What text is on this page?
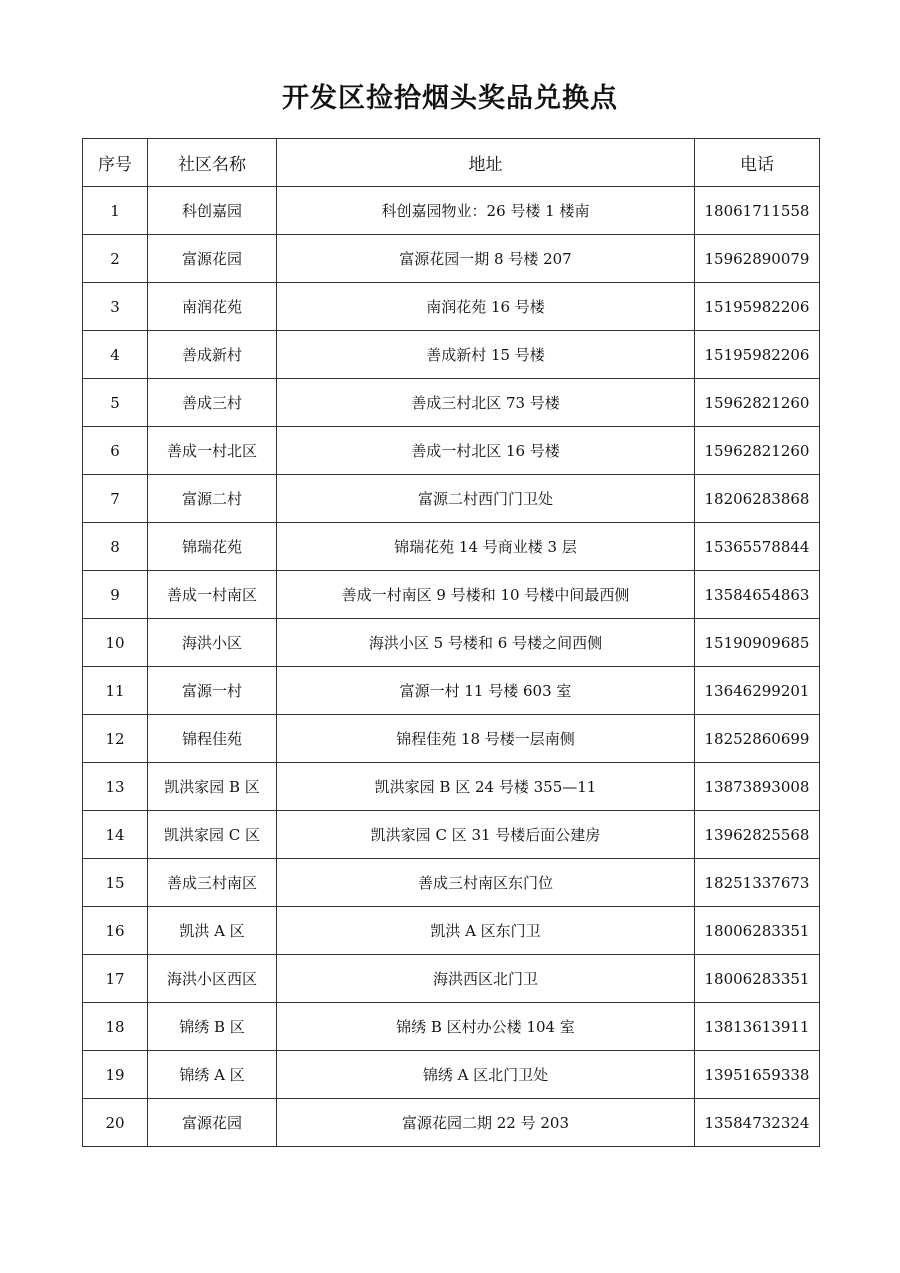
开发区捡拾烟头奖品兑换点
序号	社区名称	地址	电话
1	科创嘉园	科创嘉园物业：26 号楼 1 楼南	18061711558
2	富源花园	富源花园一期 8 号楼 207	15962890079
3	南润花苑	南润花苑 16 号楼	15195982206
4	善成新村	善成新村 15 号楼	15195982206
5	善成三村	善成三村北区 73 号楼	15962821260
6	善成一村北区	善成一村北区 16 号楼	15962821260
7	富源二村	富源二村西门门卫处	18206283868
8	锦瑞花苑	锦瑞花苑 14 号商业楼 3 层	15365578844
9	善成一村南区	善成一村南区 9 号楼和 10 号楼中间最西侧	13584654863
10	海洪小区	海洪小区 5 号楼和 6 号楼之间西侧	15190909685
11	富源一村	富源一村 11 号楼 603 室	13646299201
12	锦程佳苑	锦程佳苑 18 号楼一层南侧	18252860699
13	凯洪家园 B 区	凯洪家园 B 区 24 号楼 355—11	13873893008
14	凯洪家园 C 区	凯洪家园 C 区 31 号楼后面公建房	13962825568
15	善成三村南区	善成三村南区东门位	18251337673
16	凯洪 A 区	凯洪 A 区东门卫	18006283351
17	海洪小区西区	海洪西区北门卫	18006283351
18	锦绣 B 区	锦绣 B 区村办公楼 104 室	13813613911
19	锦绣 A 区	锦绣 A 区北门卫处	13951659338
20	富源花园	富源花园二期 22 号 203	13584732324
